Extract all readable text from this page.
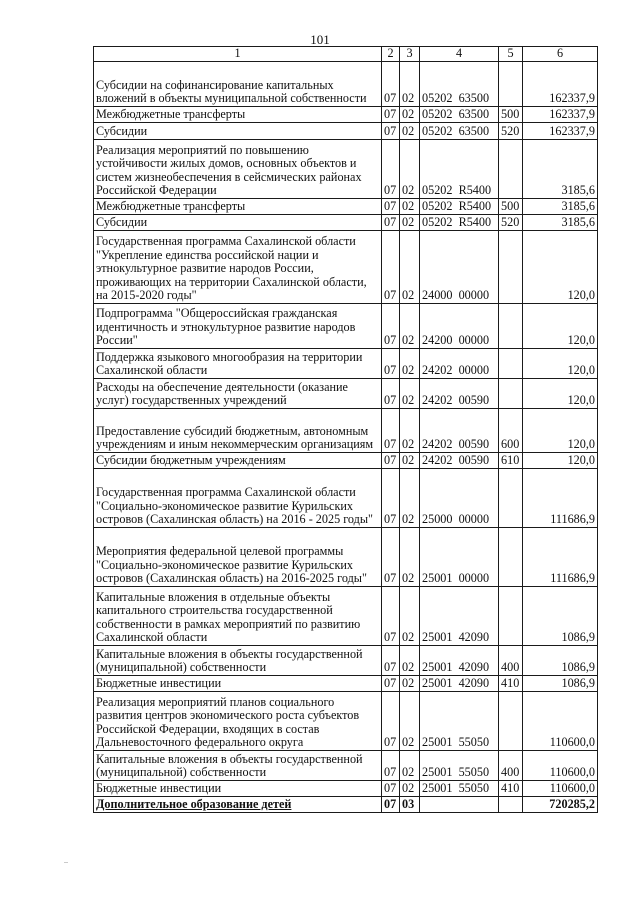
101
1	2	3	4	5	6
Субсидии на софинансирование капитальных вложений в объекты муниципальной собственности	07	02	05202  63500		162337,9
Межбюджетные трансферты	07	02	05202  63500	500	162337,9
Субсидии	07	02	05202  63500	520	162337,9
Реализация мероприятий по повышению устойчивости жилых домов, основных объектов и систем жизнеобеспечения в сейсмических районах Российской Федерации	07	02	05202  R5400		3185,6
Межбюджетные трансферты	07	02	05202  R5400	500	3185,6
Субсидии	07	02	05202  R5400	520	3185,6
Государственная программа Сахалинской области "Укрепление единства российской нации и этнокультурное развитие народов России, проживающих на территории Сахалинской области, на 2015-2020 годы"	07	02	24000  00000		120,0
Подпрограмма "Общероссийская гражданская идентичность и этнокультурное развитие народов России"	07	02	24200  00000		120,0
Поддержка языкового многообразия на территории Сахалинской области	07	02	24202  00000		120,0
Расходы на обеспечение деятельности (оказание услуг) государственных учреждений	07	02	24202  00590		120,0
Предоставление субсидий бюджетным, автономным учреждениям и иным некоммерческим организациям	07	02	24202  00590	600	120,0
Субсидии бюджетным учреждениям	07	02	24202  00590	610	120,0
Государственная программа Сахалинской области "Социально-экономическое развитие Курильских островов (Сахалинская область) на 2016 - 2025 годы"	07	02	25000  00000		111686,9
Мероприятия федеральной целевой программы "Социально-экономическое развитие Курильских островов (Сахалинская область) на 2016-2025 годы"	07	02	25001  00000		111686,9
Капитальные вложения в отдельные объекты капитального строительства государственной собственности в рамках мероприятий по развитию Сахалинской области	07	02	25001  42090		1086,9
Капитальные вложения в объекты государственной (муниципальной) собственности	07	02	25001  42090	400	1086,9
Бюджетные инвестиции	07	02	25001  42090	410	1086,9
Реализация мероприятий планов социального развития центров экономического роста субъектов Российской Федерации, входящих в состав Дальневосточного федерального округа	07	02	25001  55050		110600,0
Капитальные вложения в объекты государственной (муниципальной) собственности	07	02	25001  55050	400	110600,0
Бюджетные инвестиции	07	02	25001  55050	410	110600,0
Дополнительное образование детей	07	03			720285,2
..
